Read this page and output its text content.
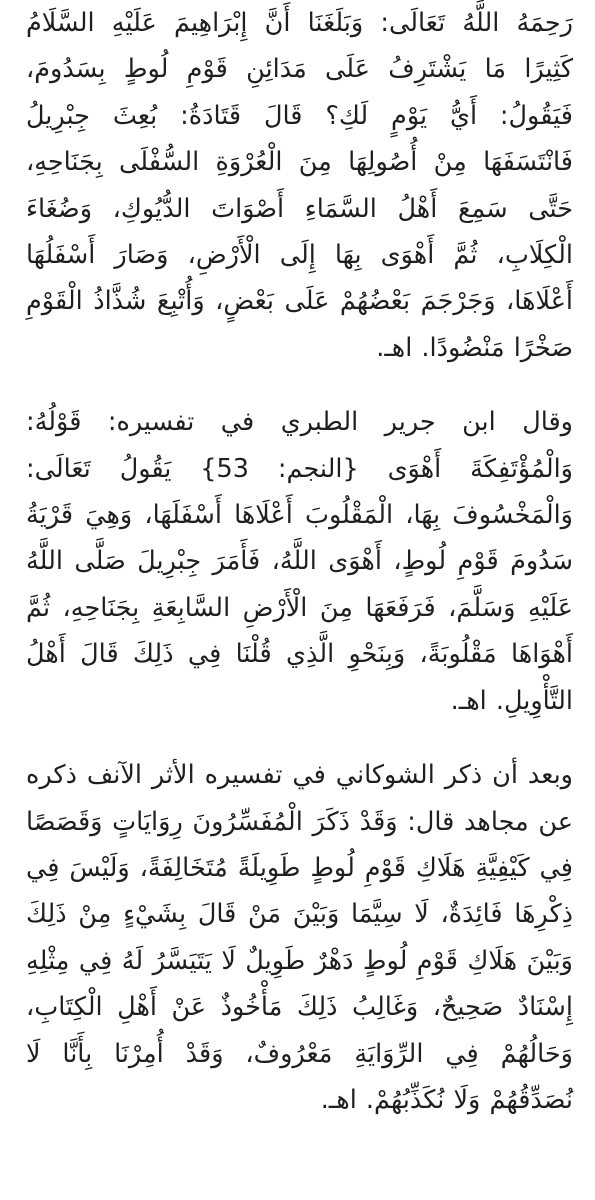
رَحِمَهُ اللَّهُ تَعَالَى: وَبَلَغَنَا أَنَّ إِبْرَاهِيمَ عَلَيْهِ السَّلَامُ كَثِيرًا مَا يَشْتَرِفُ عَلَى مَدَائِنِ قَوْمِ لُوطٍ بِسَدُومَ، فَيَقُولُ: أَيُّ يَوْمٍ لَكِ؟ قَالَ قَتَادَةُ: بُعِثَ جِبْرِيلُ فَانْتَسَفَهَا مِنْ أُصُولِهَا مِنَ الْعُرْوَةِ السُّفْلَى بِجَنَاحِهِ، حَتَّى سَمِعَ أَهْلُ السَّمَاءِ أَصْوَاتَ الدُّيُوكِ، وَضُغَاءَ الْكِلَابِ، ثُمَّ أَهْوَى بِهَا إِلَى الْأَرْضِ، وَصَارَ أَسْفَلُهَا أَعْلَاهَا، وَجَرْجَمَ بَعْضُهُمْ عَلَى بَعْضٍ، وَأُتْبِعَ شُذَّاذُ الْقَوْمِ صَخْرًا مَنْضُودًا. اهـ.

وقال ابن جرير الطبري في تفسيره: قَوْلُهُ: وَالْمُؤْتَفِكَةَ أَهْوَى {النجم: 53} يَقُولُ تَعَالَى: وَالْمَخْسُوفَ بِهَا، الْمَقْلُوبَ أَعْلَاهَا أَسْفَلَهَا، وَهِيَ قَرْيَةُ سَدُومَ قَوْمِ لُوطٍ، أَهْوَى اللَّهُ، فَأَمَرَ جِبْرِيلَ صَلَّى اللَّهُ عَلَيْهِ وَسَلَّمَ، فَرَفَعَهَا مِنَ الْأَرْضِ السَّابِعَةِ بِجَنَاحِهِ، ثُمَّ أَهْوَاهَا مَقْلُوبَةً، وَبِنَحْوِ الَّذِي قُلْنَا فِي ذَلِكَ قَالَ أَهْلُ التَّأْوِيلِ. اهـ.

وبعد أن ذكر الشوكاني في تفسيره الأثر الآنف ذكره عن مجاهد قال: وَقَدْ ذَكَرَ الْمُفَسِّرُونَ رِوَايَاتٍ وَقَصَصًا فِي كَيْفِيَّةِ هَلَاكِ قَوْمِ لُوطٍ طَوِيلَةً مُتَخَالِفَةً، وَلَيْسَ فِي ذِكْرِهَا فَائِدَةٌ، لَا سِيَّمَا وَبَيْنَ مَنْ قَالَ بِشَيْءٍ مِنْ ذَلِكَ وَبَيْنَ هَلَاكِ قَوْمِ لُوطٍ دَهْرٌ طَوِيلٌ لَا يَتَيَسَّرُ لَهُ فِي مِثْلِهِ إِسْنَادٌ صَحِيحٌ، وَغَالِبُ ذَلِكَ مَأْخُوذٌ عَنْ أَهْلِ الْكِتَابِ، وَحَالُهُمْ فِي الرِّوَايَةِ مَعْرُوفٌ، وَقَدْ أُمِرْنَا بِأَنَّا لَا نُصَدِّقُهُمْ وَلَا نُكَذِّبُهُمْ. اهـ.
